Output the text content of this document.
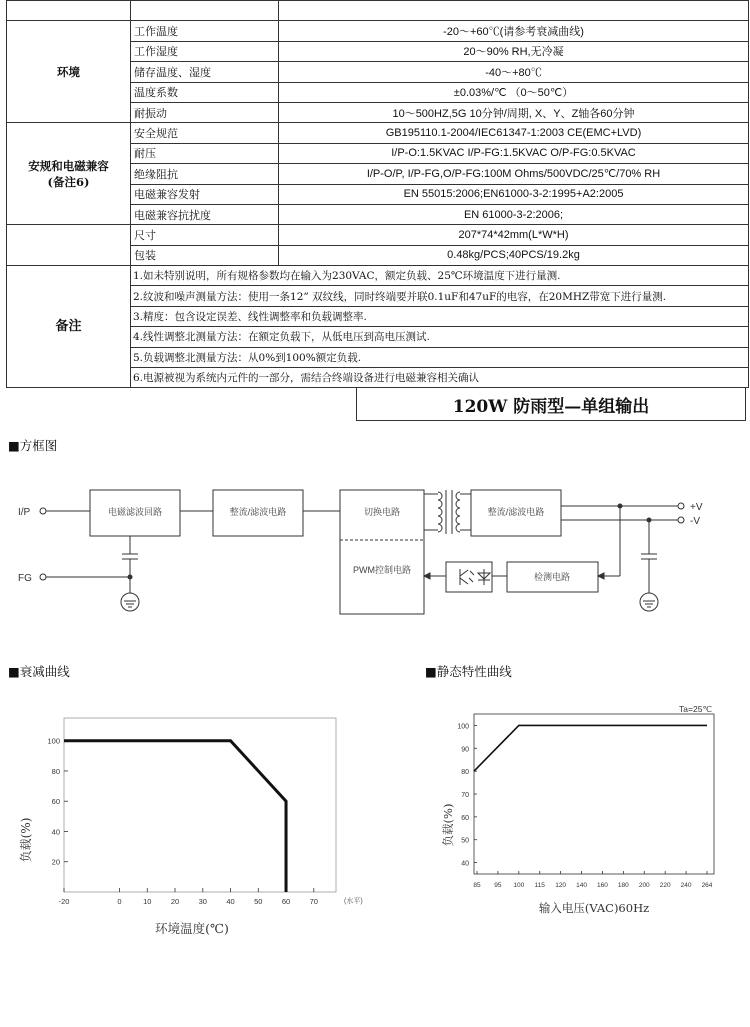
环境	工作温度	-20～+60℃(请参考衰减曲线)
	工作湿度	20～90% RH,无冷凝
	储存温度、湿度	-40～+80℃
	温度系数	±0.03%/℃ （0～50℃）
	耐振动	10～500HZ,5G 10分钟/周期, X、Y、Z轴各60分钟
安规和电磁兼容
(备注6)	安全规范	GB195110.1-2004/IEC61347-1:2003 CE(EMC+LVD)
	耐压	I/P-O:1.5KVAC I/P-FG:1.5KVAC O/P-FG:0.5KVAC
	绝缘阻抗	I/P-O/P, I/P-FG,O/P-FG:100M Ohms/500VDC/25℃/70% RH
	电磁兼容发射	EN 55015:2006;EN61000-3-2:1995+A2:2005
	电磁兼容抗扰度	EN 61000-3-2:2006;
	尺寸	207*74*42mm(L*W*H)
	包装	0.48kg/PCS;40PCS/19.2kg
备注	1.如未特别说明，所有规格参数均在输入为230VAC，额定负载、25℃环境温度下进行量测.	
	2.纹波和噪声测量方法：使用一条12” 双纹线，同时终端要并联0.1uF和47uF的电容，在20MHZ带宽下进行量测.	
	3.精度：包含设定误差、线性调整率和负载调整率.	
	4.线性调整北测量方法：在额定负载下，从低电压到高电压测试.	
	5.负载调整北测量方法：从0%到100%额定负载.	
	6.电源被视为系统内元件的一部分，需结合终端设备进行电磁兼容相关确认	
120W 防雨型—单组输出
■方框图
I/P
FG
+V
-V
电磁滤波回路	整流/滤波电路	切换电路
PWM控制电路
整流/滤波电路
检测电路
■衰减曲线
20
40
60
80
100
-20	0	10	20	30	40	50	60	70	(水平)
环境温度(℃)
负载(%)
■静态特性曲线
Ta=25℃
40
50
60
70
80
90
100
85 95 100 115 120 140 160 180 200 220 240 264
输入电压(VAC)60Hz
负载(%)
